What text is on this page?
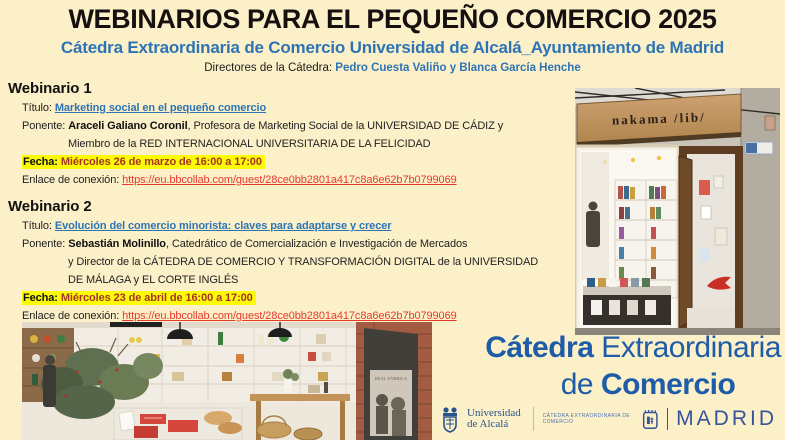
WEBINARIOS PARA EL PEQUEÑO COMERCIO 2025
Cátedra Extraordinaria de Comercio Universidad de Alcalá_Ayuntamiento de Madrid
Directores de la Cátedra: Pedro Cuesta Valiño y Blanca García Henche
Webinario 1
Título: Marketing social en el pequeño comercio
Ponente: Araceli Galiano Coronil, Profesora de Marketing Social de la UNIVERSIDAD DE CÁDIZ y
Miembro de la RED INTERNACIONAL UNIVERSITARIA DE LA FELICIDAD
Fecha: Miércoles 26 de marzo de 16:00 a 17:00
Enlace de conexión: https://eu.bbcollab.com/guest/28ce0bb2801a417c8a6e62b7b0799069
Webinario 2
Título: Evolución del comercio minorista: claves para adaptarse y crecer
Ponente: Sebastián Molinillo, Catedrático de Comercialización e Investigación de Mercados
y Director de la CÁTEDRA DE COMERCIO Y TRANSFORMACIÓN DIGITAL de la UNIVERSIDAD
DE MÁLAGA y EL CORTE INGLÉS
Fecha: Miércoles 23 de abril de 16:00 a 17:00
Enlace de conexión: https://eu.bbcollab.com/guest/28ce0bb2801a417c8a6e62b7b0799069
nakama /lib/
REAL FÁBRICA
Cátedra Extraordinaria
de Comercio
Universidad
de Alcalá
CÁTEDRA EXTRAORDINARIA DE COMERCIO	MADRID
